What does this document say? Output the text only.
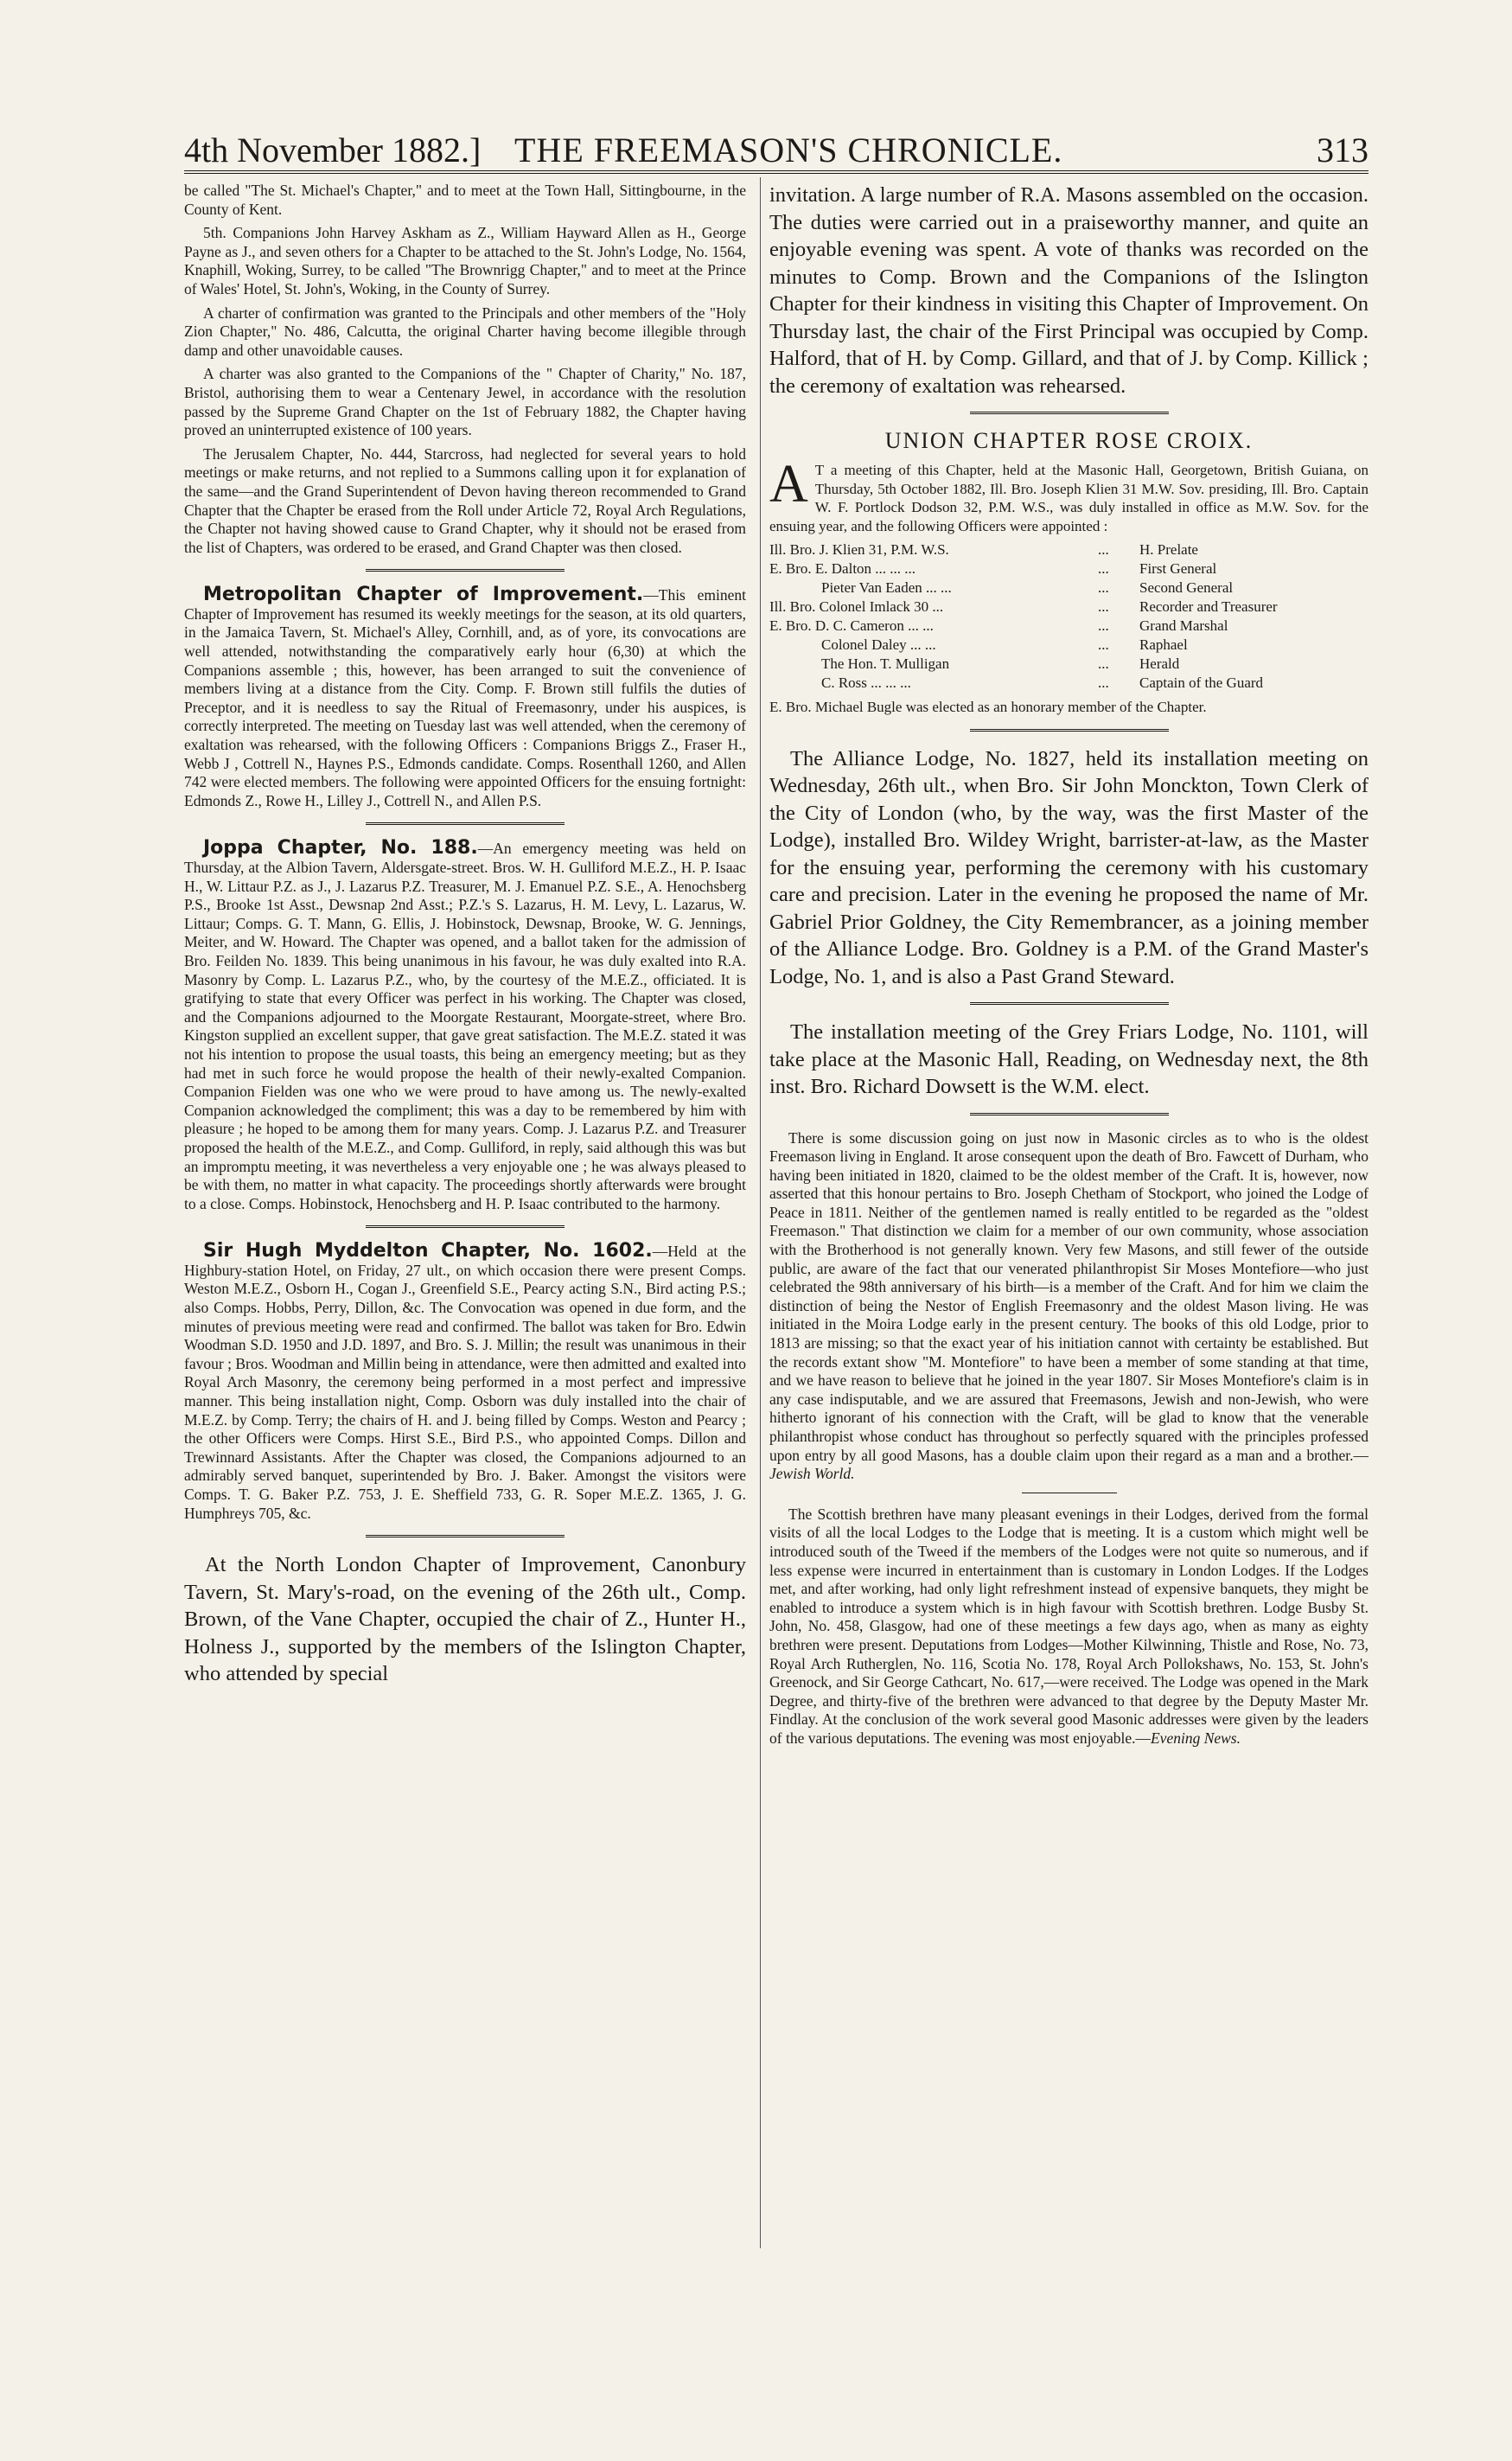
4th November 1882.] THE FREEMASON'S CHRONICLE.	313

be called "The St. Michael's Chapter," and to meet at the Town Hall, Sittingbourne, in the County of Kent.

5th. Companions John Harvey Askham as Z., William Hayward Allen as H., George Payne as J., and seven others for a Chapter to be attached to the St. John's Lodge, No. 1564, Knaphill, Woking, Surrey, to be called "The Brownrigg Chapter," and to meet at the Prince of Wales' Hotel, St. John's, Woking, in the County of Surrey.

A charter of confirmation was granted to the Principals and other members of the "Holy Zion Chapter," No. 486, Calcutta, the original Charter having become illegible through damp and other unavoidable causes.

A charter was also granted to the Companions of the " Chapter of Charity," No. 187, Bristol, authorising them to wear a Centenary Jewel, in accordance with the resolution passed by the Supreme Grand Chapter on the 1st of February 1882, the Chapter having proved an uninterrupted existence of 100 years.

The Jerusalem Chapter, No. 444, Starcross, had neglected for several years to hold meetings or make returns, and not replied to a Summons calling upon it for explanation of the same—and the Grand Superintendent of Devon having thereon recommended to Grand Chapter that the Chapter be erased from the Roll under Article 72, Royal Arch Regulations, the Chapter not having showed cause to Grand Chapter, why it should not be erased from the list of Chapters, was ordered to be erased, and Grand Chapter was then closed.

Metropolitan Chapter of Improvement.—This eminent Chapter of Improvement has resumed its weekly meetings for the season, at its old quarters, in the Jamaica Tavern, St. Michael's Alley, Cornhill, and, as of yore, its convocations are well attended, notwithstanding the comparatively early hour (6,30) at which the Companions assemble ; this, however, has been arranged to suit the convenience of members living at a distance from the City. Comp. F. Brown still fulfils the duties of Preceptor, and it is needless to say the Ritual of Freemasonry, under his auspices, is correctly interpreted. The meeting on Tuesday last was well attended, when the ceremony of exaltation was rehearsed, with the following Officers : Companions Briggs Z., Fraser H., Webb J , Cottrell N., Haynes P.S., Edmonds candidate. Comps. Rosenthall 1260, and Allen 742 were elected members. The following were appointed Officers for the ensuing fortnight: Edmonds Z., Rowe H., Lilley J., Cottrell N., and Allen P.S.

Joppa Chapter, No. 188.—An emergency meeting was held on Thursday, at the Albion Tavern, Aldersgate-street. Bros. W. H. Gulliford M.E.Z., H. P. Isaac H., W. Littaur P.Z. as J., J. Lazarus P.Z. Treasurer, M. J. Emanuel P.Z. S.E., A. Henochsberg P.S., Brooke 1st Asst., Dewsnap 2nd Asst.; P.Z.'s S. Lazarus, H. M. Levy, L. Lazarus, W. Littaur; Comps. G. T. Mann, G. Ellis, J. Hobinstock, Dewsnap, Brooke, W. G. Jennings, Meiter, and W. Howard. The Chapter was opened, and a ballot taken for the admission of Bro. Feilden No. 1839. This being unanimous in his favour, he was duly exalted into R.A. Masonry by Comp. L. Lazarus P.Z., who, by the courtesy of the M.E.Z., officiated. It is gratifying to state that every Officer was perfect in his working. The Chapter was closed, and the Companions adjourned to the Moorgate Restaurant, Moorgate-street, where Bro. Kingston supplied an excellent supper, that gave great satisfaction. The M.E.Z. stated it was not his intention to propose the usual toasts, this being an emergency meeting; but as they had met in such force he would propose the health of their newly-exalted Companion. Companion Fielden was one who we were proud to have among us. The newly-exalted Companion acknowledged the compliment; this was a day to be remembered by him with pleasure ; he hoped to be among them for many years. Comp. J. Lazarus P.Z. and Treasurer proposed the health of the M.E.Z., and Comp. Gulliford, in reply, said although this was but an impromptu meeting, it was nevertheless a very enjoyable one ; he was always pleased to be with them, no matter in what capacity. The proceedings shortly afterwards were brought to a close. Comps. Hobinstock, Henochsberg and H. P. Isaac contributed to the harmony.

Sir Hugh Myddelton Chapter, No. 1602.—Held at the Highbury-station Hotel, on Friday, 27 ult., on which occasion there were present Comps. Weston M.E.Z., Osborn H., Cogan J., Greenfield S.E., Pearcy acting S.N., Bird acting P.S.; also Comps. Hobbs, Perry, Dillon, &c. The Convocation was opened in due form, and the minutes of previous meeting were read and confirmed. The ballot was taken for Bro. Edwin Woodman S.D. 1950 and J.D. 1897, and Bro. S. J. Millin; the result was unanimous in their favour ; Bros. Woodman and Millin being in attendance, were then admitted and exalted into Royal Arch Masonry, the ceremony being performed in a most perfect and impressive manner. This being installation night, Comp. Osborn was duly installed into the chair of M.E.Z. by Comp. Terry; the chairs of H. and J. being filled by Comps. Weston and Pearcy ; the other Officers were Comps. Hirst S.E., Bird P.S., who appointed Comps. Dillon and Trewinnard Assistants. After the Chapter was closed, the Companions adjourned to an admirably served banquet, superintended by Bro. J. Baker. Amongst the visitors were Comps. T. G. Baker P.Z. 753, J. E. Sheffield 733, G. R. Soper M.E.Z. 1365, J. G. Humphreys 705, &c.

At the North London Chapter of Improvement, Canonbury Tavern, St. Mary's-road, on the evening of the 26th ult., Comp. Brown, of the Vane Chapter, occupied the chair of Z., Hunter H., Holness J., supported by the members of the Islington Chapter, who attended by special

invitation. A large number of R.A. Masons assembled on the occasion. The duties were carried out in a praiseworthy manner, and quite an enjoyable evening was spent. A vote of thanks was recorded on the minutes to Comp. Brown and the Companions of the Islington Chapter for their kindness in visiting this Chapter of Improvement. On Thursday last, the chair of the First Principal was occupied by Comp. Halford, that of H. by Comp. Gillard, and that of J. by Comp. Killick ; the ceremony of exaltation was rehearsed.

UNION CHAPTER ROSE CROIX.

A T a meeting of this Chapter, held at the Masonic Hall, Georgetown, British Guiana, on Thursday, 5th October 1882, Ill. Bro. Joseph Klien 31 M.W. Sov. presiding, Ill. Bro. Captain W. F. Portlock Dodson 32, P.M. W.S., was duly installed in office as M.W. Sov. for the ensuing year, and the following Officers were appointed :

Ill. Bro. J. Klien 31, P.M. W.S.	...	H. Prelate
E. Bro. E. Dalton ... ... ...	...	First General
Pieter Van Eaden ... ...	...	Second General
Ill. Bro. Colonel Imlack 30 ...	...	Recorder and Treasurer
E. Bro. D. C. Cameron ... ...	...	Grand Marshal
Colonel Daley ... ...	...	Raphael
The Hon. T. Mulligan	...	Herald
C. Ross ... ... ...	...	Captain of the Guard

E. Bro. Michael Bugle was elected as an honorary member of the Chapter.

The Alliance Lodge, No. 1827, held its installation meeting on Wednesday, 26th ult., when Bro. Sir John Monckton, Town Clerk of the City of London (who, by the way, was the first Master of the Lodge), installed Bro. Wildey Wright, barrister-at-law, as the Master for the ensuing year, performing the ceremony with his customary care and precision. Later in the evening he proposed the name of Mr. Gabriel Prior Goldney, the City Remembrancer, as a joining member of the Alliance Lodge. Bro. Goldney is a P.M. of the Grand Master's Lodge, No. 1, and is also a Past Grand Steward.

The installation meeting of the Grey Friars Lodge, No. 1101, will take place at the Masonic Hall, Reading, on Wednesday next, the 8th inst. Bro. Richard Dowsett is the W.M. elect.

There is some discussion going on just now in Masonic circles as to who is the oldest Freemason living in England. It arose consequent upon the death of Bro. Fawcett of Durham, who having been initiated in 1820, claimed to be the oldest member of the Craft. It is, however, now asserted that this honour pertains to Bro. Joseph Chetham of Stockport, who joined the Lodge of Peace in 1811. Neither of the gentlemen named is really entitled to be regarded as the "oldest Freemason." That distinction we claim for a member of our own community, whose association with the Brotherhood is not generally known. Very few Masons, and still fewer of the outside public, are aware of the fact that our venerated philanthropist Sir Moses Montefiore—who just celebrated the 98th anniversary of his birth—is a member of the Craft. And for him we claim the distinction of being the Nestor of English Freemasonry and the oldest Mason living. He was initiated in the Moira Lodge early in the present century. The books of this old Lodge, prior to 1813 are missing; so that the exact year of his initiation cannot with certainty be established. But the records extant show "M. Montefiore" to have been a member of some standing at that time, and we have reason to believe that he joined in the year 1807. Sir Moses Montefiore's claim is in any case indisputable, and we are assured that Freemasons, Jewish and non-Jewish, who were hitherto ignorant of his connection with the Craft, will be glad to know that the venerable philanthropist whose conduct has throughout so perfectly squared with the principles professed upon entry by all good Masons, has a double claim upon their regard as a man and a brother.—Jewish World.

The Scottish brethren have many pleasant evenings in their Lodges, derived from the formal visits of all the local Lodges to the Lodge that is meeting. It is a custom which might well be introduced south of the Tweed if the members of the Lodges were not quite so numerous, and if less expense were incurred in entertainment than is customary in London Lodges. If the Lodges met, and after working, had only light refreshment instead of expensive banquets, they might be enabled to introduce a system which is in high favour with Scottish brethren. Lodge Busby St. John, No. 458, Glasgow, had one of these meetings a few days ago, when as many as eighty brethren were present. Deputations from Lodges—Mother Kilwinning, Thistle and Rose, No. 73, Royal Arch Rutherglen, No. 116, Scotia No. 178, Royal Arch Pollokshaws, No. 153, St. John's Greenock, and Sir George Cathcart, No. 617,—were received. The Lodge was opened in the Mark Degree, and thirty-five of the brethren were advanced to that degree by the Deputy Master Mr. Findlay. At the conclusion of the work several good Masonic addresses were given by the leaders of the various deputations. The evening was most enjoyable.—Evening News.
